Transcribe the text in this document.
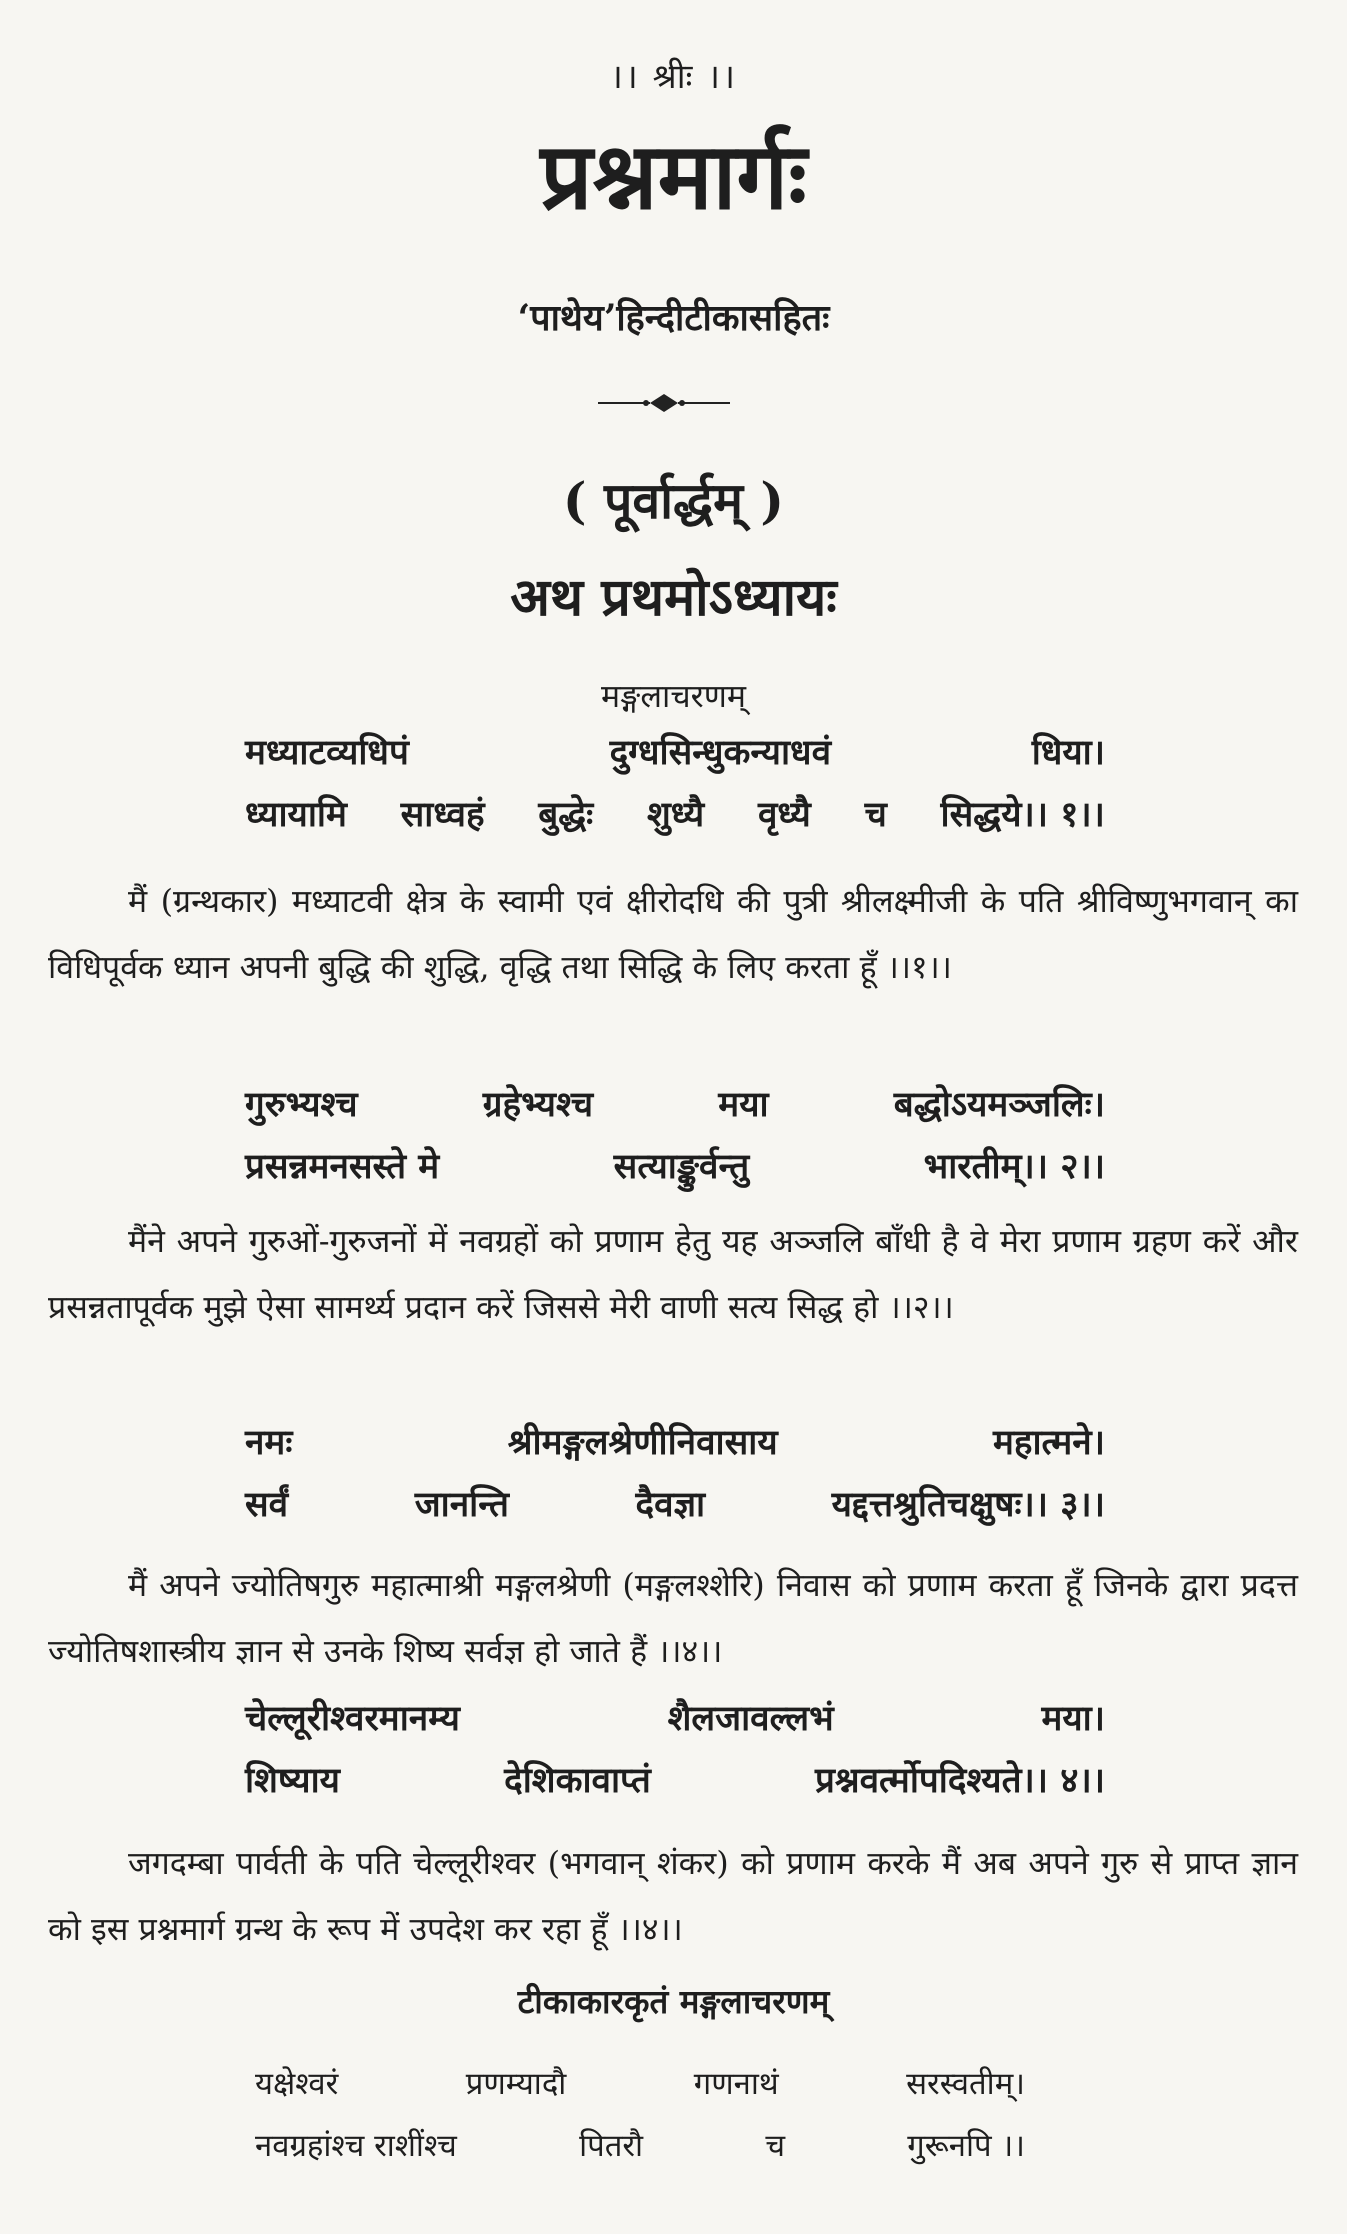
।। श्रीः ।।
प्रश्नमार्गः
‘पाथेय’हिन्दीटीकासहितः
( पूर्वार्द्धम् )
अथ प्रथमोऽध्यायः
मङ्गलाचरणम्
मध्याटव्यधिपं	दुग्धसिन्धुकन्याधवं	धिया।
ध्यायामि साध्वहं बुद्धेः शुध्यै वृध्यै च सिद्धये।। १।।
मैं (ग्रन्थकार) मध्याटवी क्षेत्र के स्वामी एवं क्षीरोदधि की पुत्री श्रीलक्ष्मीजी के पति श्रीविष्णुभगवान् का विधिपूर्वक ध्यान अपनी बुद्धि की शुद्धि, वृद्धि तथा सिद्धि के लिए करता हूँ ।।१।।
गुरुभ्यश्च	ग्रहेभ्यश्च	मया	बद्धोऽयमञ्जलिः।
प्रसन्नमनसस्ते मे	सत्याङ्कुर्वन्तु	भारतीम्।। २।।
मैंने अपने गुरुओं-गुरुजनों में नवग्रहों को प्रणाम हेतु यह अञ्जलि बाँधी है वे मेरा प्रणाम ग्रहण करें और प्रसन्नतापूर्वक मुझे ऐसा सामर्थ्य प्रदान करें जिससे मेरी वाणी सत्य सिद्ध हो ।।२।।
नमः	श्रीमङ्गलश्रेणीनिवासाय	महात्मने।
सर्वं	जानन्ति	दैवज्ञा	यद्दत्तश्रुतिचक्षुषः।। ३।।
मैं अपने ज्योतिषगुरु महात्माश्री मङ्गलश्रेणी (मङ्गलश्शेरि) निवास को प्रणाम करता हूँ जिनके द्वारा प्रदत्त ज्योतिषशास्त्रीय ज्ञान से उनके शिष्य सर्वज्ञ हो जाते हैं ।।४।।
चेल्लूरीश्वरमानम्य	शैलजावल्लभं	मया।
शिष्याय	देशिकावाप्तं	प्रश्नवर्त्मोपदिश्यते।। ४।।
जगदम्बा पार्वती के पति चेल्लूरीश्वर (भगवान् शंकर) को प्रणाम करके मैं अब अपने गुरु से प्राप्त ज्ञान को इस प्रश्नमार्ग ग्रन्थ के रूप में उपदेश कर रहा हूँ ।।४।।
टीकाकारकृतं मङ्गलाचरणम्
यक्षेश्वरं	प्रणम्यादौ	गणनाथं	सरस्वतीम्।
नवग्रहांश्च राशींश्च	पितरौ	च	गुरूनपि ।।
